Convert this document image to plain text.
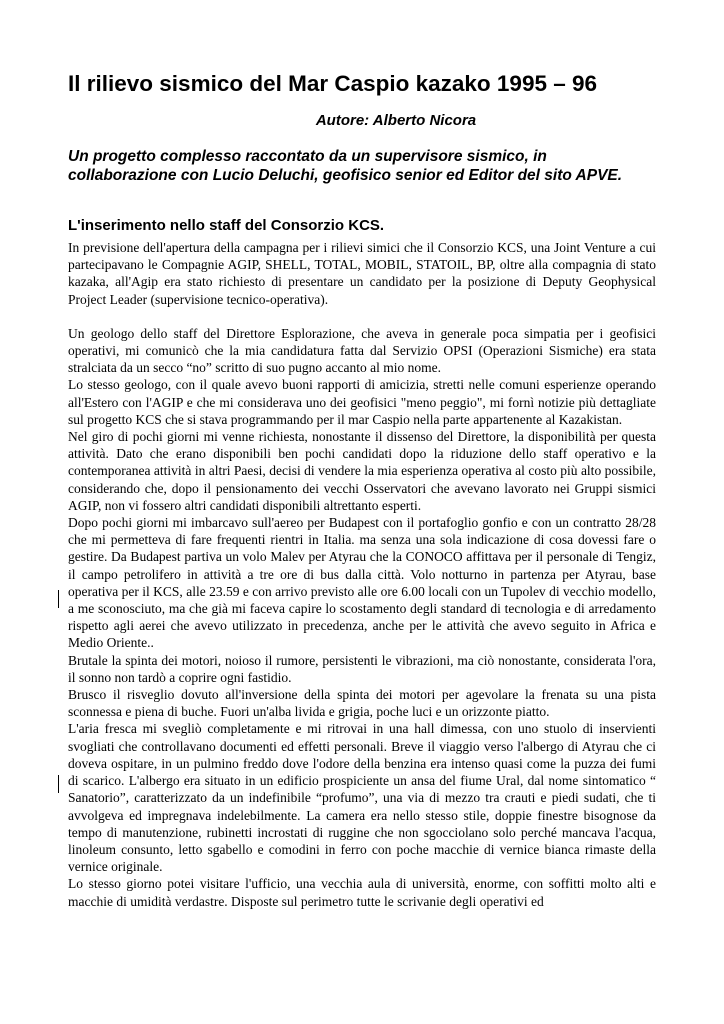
Il rilievo sismico del Mar Caspio kazako 1995 – 96
Autore: Alberto Nicora
Un progetto complesso raccontato da un supervisore sismico, in collaborazione con Lucio Deluchi, geofisico senior ed Editor del sito APVE.
L'inserimento nello staff del Consorzio KCS.

In previsione dell'apertura della campagna per i rilievi simici che il Consorzio KCS, una Joint Venture a cui partecipavano le Compagnie AGIP, SHELL, TOTAL, MOBIL, STATOIL, BP, oltre alla compagnia di stato kazaka, all'Agip era stato richiesto di presentare un candidato per la posizione di Deputy Geophysical Project Leader (supervisione tecnico-operativa).

Un geologo dello staff del Direttore Esplorazione, che aveva in generale poca simpatia per i geofisici operativi, mi comunicò che la mia candidatura fatta dal Servizio OPSI (Operazioni Sismiche) era stata stralciata da un secco “no” scritto di suo pugno accanto al mio nome.

Lo stesso geologo, con il quale avevo buoni rapporti di amicizia, stretti nelle comuni esperienze operando all'Estero con l'AGIP e che mi considerava uno dei geofisici "meno peggio", mi fornì notizie più dettagliate sul progetto KCS che si stava programmando per il mar Caspio nella parte appartenente al Kazakistan.

Nel giro di pochi giorni mi venne richiesta, nonostante il dissenso del Direttore, la disponibilità per questa attività. Dato che erano disponibili ben pochi candidati dopo la riduzione dello staff operativo e la contemporanea attività in altri Paesi, decisi di vendere la mia esperienza operativa al costo più alto possibile, considerando che, dopo il pensionamento dei vecchi Osservatori che avevano lavorato nei Gruppi sismici AGIP, non vi fossero altri candidati disponibili altrettanto esperti.

Dopo pochi giorni mi imbarcavo sull'aereo per Budapest con il portafoglio gonfio e con un contratto 28/28 che mi permetteva di fare frequenti rientri in Italia. ma senza una sola indicazione di cosa dovessi fare o gestire. Da Budapest partiva un volo Malev per Atyrau che la CONOCO affittava per il personale di Tengiz, il campo petrolifero in attività a tre ore di bus dalla città. Volo notturno in partenza per Atyrau, base operativa per il KCS, alle 23.59 e con arrivo previsto alle ore 6.00 locali con un Tupolev di vecchio modello, a me sconosciuto, ma che già mi faceva capire lo scostamento degli standard di tecnologia e di arredamento rispetto agli aerei che avevo utilizzato in precedenza, anche per le attività che avevo seguito in Africa e Medio Oriente..

Brutale la spinta dei motori, noioso il rumore, persistenti le vibrazioni, ma ciò nonostante, considerata l'ora, il sonno non tardò a coprire ogni fastidio.

Brusco il risveglio dovuto all'inversione della spinta dei motori per agevolare la frenata su una pista sconnessa e piena di buche. Fuori un'alba livida e grigia, poche luci e un orizzonte piatto.

L'aria fresca mi svegliò completamente e mi ritrovai in una hall dimessa, con uno stuolo di inservienti svogliati che controllavano documenti ed effetti personali. Breve il viaggio verso l'albergo di Atyrau che ci doveva ospitare, in un pulmino freddo dove l'odore della benzina era intenso quasi come la puzza dei fumi di scarico. L'albergo era situato in un edificio prospiciente un ansa del fiume Ural, dal nome sintomatico “ Sanatorio”, caratterizzato da un indefinibile “profumo”, una via di mezzo tra crauti e piedi sudati, che ti avvolgeva ed impregnava indelebilmente. La camera era nello stesso stile, doppie finestre bisognose da tempo di manutenzione, rubinetti incrostati di ruggine che non sgocciolano solo perché mancava l'acqua, linoleum consunto, letto sgabello e comodini in ferro con poche macchie di vernice bianca rimaste della vernice originale.

Lo stesso giorno potei visitare l'ufficio, una vecchia aula di università, enorme, con soffitti molto alti e macchie di umidità verdastre. Disposte sul perimetro tutte le scrivanie degli operativi ed
